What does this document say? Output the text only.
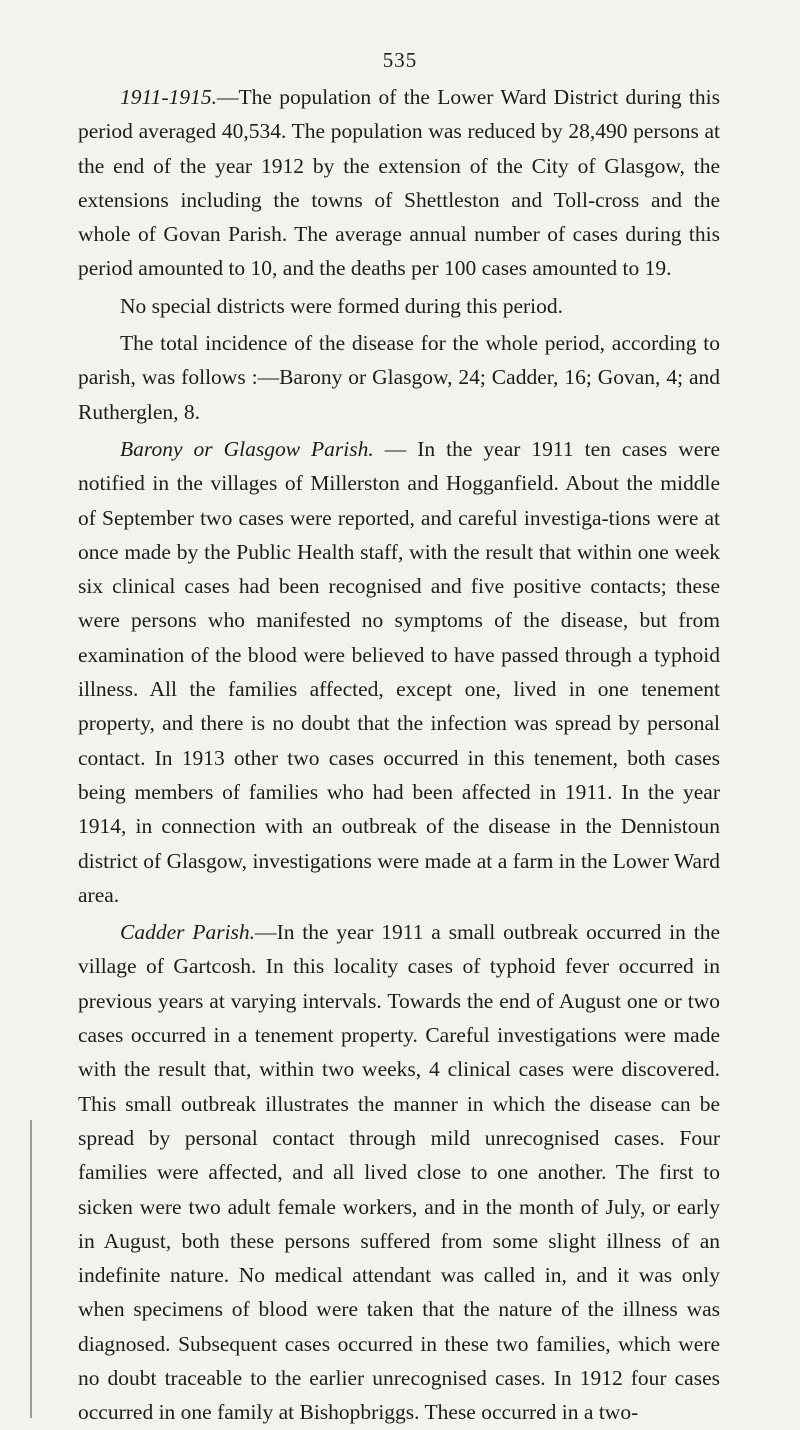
535

1911-1915.—The population of the Lower Ward District during this period averaged 40,534. The population was reduced by 28,490 persons at the end of the year 1912 by the extension of the City of Glasgow, the extensions including the towns of Shettleston and Toll-cross and the whole of Govan Parish. The average annual number of cases during this period amounted to 10, and the deaths per 100 cases amounted to 19.

No special districts were formed during this period.

The total incidence of the disease for the whole period, according to parish, was follows :—Barony or Glasgow, 24; Cadder, 16; Govan, 4; and Rutherglen, 8.

Barony or Glasgow Parish. — In the year 1911 ten cases were notified in the villages of Millerston and Hogganfield. About the middle of September two cases were reported, and careful investiga-tions were at once made by the Public Health staff, with the result that within one week six clinical cases had been recognised and five positive contacts; these were persons who manifested no symptoms of the disease, but from examination of the blood were believed to have passed through a typhoid illness. All the families affected, except one, lived in one tenement property, and there is no doubt that the infection was spread by personal contact. In 1913 other two cases occurred in this tenement, both cases being members of families who had been affected in 1911. In the year 1914, in connection with an outbreak of the disease in the Dennistoun district of Glasgow, investigations were made at a farm in the Lower Ward area.

Cadder Parish.—In the year 1911 a small outbreak occurred in the village of Gartcosh. In this locality cases of typhoid fever occurred in previous years at varying intervals. Towards the end of August one or two cases occurred in a tenement property. Careful investigations were made with the result that, within two weeks, 4 clinical cases were discovered. This small outbreak illustrates the manner in which the disease can be spread by personal contact through mild unrecognised cases. Four families were affected, and all lived close to one another. The first to sicken were two adult female workers, and in the month of July, or early in August, both these persons suffered from some slight illness of an indefinite nature. No medical attendant was called in, and it was only when specimens of blood were taken that the nature of the illness was diagnosed. Subsequent cases occurred in these two families, which were no doubt traceable to the earlier unrecognised cases. In 1912 four cases occurred in one family at Bishopbriggs. These occurred in a two-
